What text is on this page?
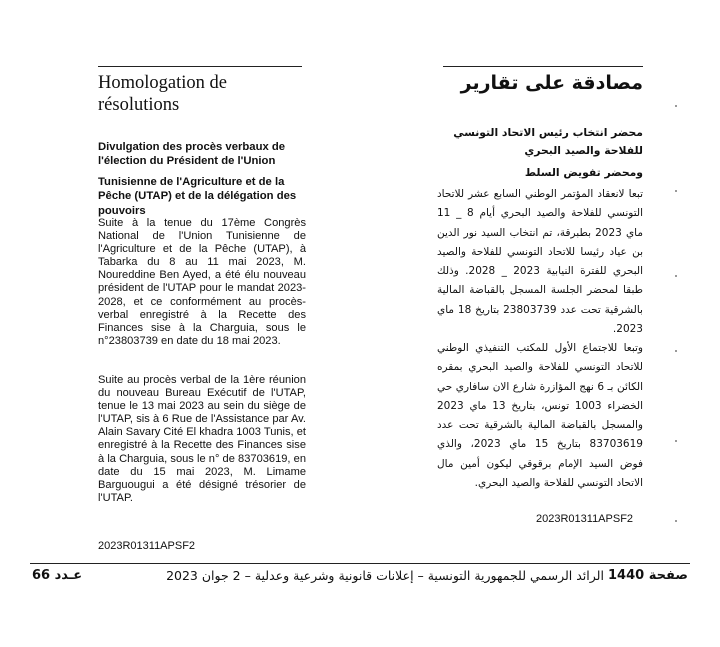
Homologation de résolutions
Divulgation des procès verbaux de l'élection du Président de l'Union
Tunisienne de l'Agriculture et de la Pêche (UTAP) et de la délégation des pouvoirs
Suite à la tenue du 17ème Congrès National de l'Union Tunisienne de l'Agriculture et de la Pêche (UTAP), à Tabarka du 8 au 11 mai 2023, M. Noureddine Ben Ayed, a été élu nouveau président de l'UTAP pour le mandat 2023-2028, et ce conformément au procès-verbal enregistré à la Recette des Finances sise à la Charguia, sous le n°23803739 en date du 18 mai 2023.
Suite au procès verbal de la 1ère réunion du nouveau Bureau Exécutif de l'UTAP, tenue le 13 mai 2023 au sein du siège de l'UTAP, sis à 6 Rue de l'Assistance par Av. Alain Savary Cité El khadra 1003 Tunis, et enregistré à la Recette des Finances sise à la Charguia, sous le n° de 83703619, en date du 15 mai 2023, M. Limame Barguougui a été désigné trésorier de l'UTAP.
2023R01311APSF2
مصادقة على تقارير
محضر انتخاب رئيس الاتحاد التونسي للفلاحة والصيد البحري
ومحضر تفويض السلط
تبعا لانعقاد المؤتمر الوطني السابع عشر للاتحاد التونسي للفلاحة والصيد البحري أيام 8 _ 11 ماي 2023 بطبرقة، تم انتخاب السيد نور الدين بن عياد رئيسا للاتحاد التونسي للفلاحة والصيد البحري للفترة النيابية 2023 _ 2028. وذلك طبقا لمحضر الجلسة المسجل بالقباضة المالية بالشرقية تحت عدد 23803739 بتاريخ 18 ماي 2023.
وتبعا للاجتماع الأول للمكتب التنفيذي الوطني للاتحاد التونسي للفلاحة والصيد البحري بمقره الكائن بـ 6 نهج المؤازرة شارع الان سافاري حي الخضراء 1003 تونس، بتاريخ 13 ماي 2023 والمسجل بالقباضة المالية بالشرقية تحت عدد 83703619 بتاريخ 15 ماي 2023، والذي فوض السيد الإمام برقوقي ليكون أمين مال الاتحاد التونسي للفلاحة والصيد البحري.
2023R01311APSF2
عـدد 66	الرائد الرسمي للجمهورية التونسية – إعلانات قانونية وشرعية وعدلية – 2 جوان 2023 صفحة 1440
